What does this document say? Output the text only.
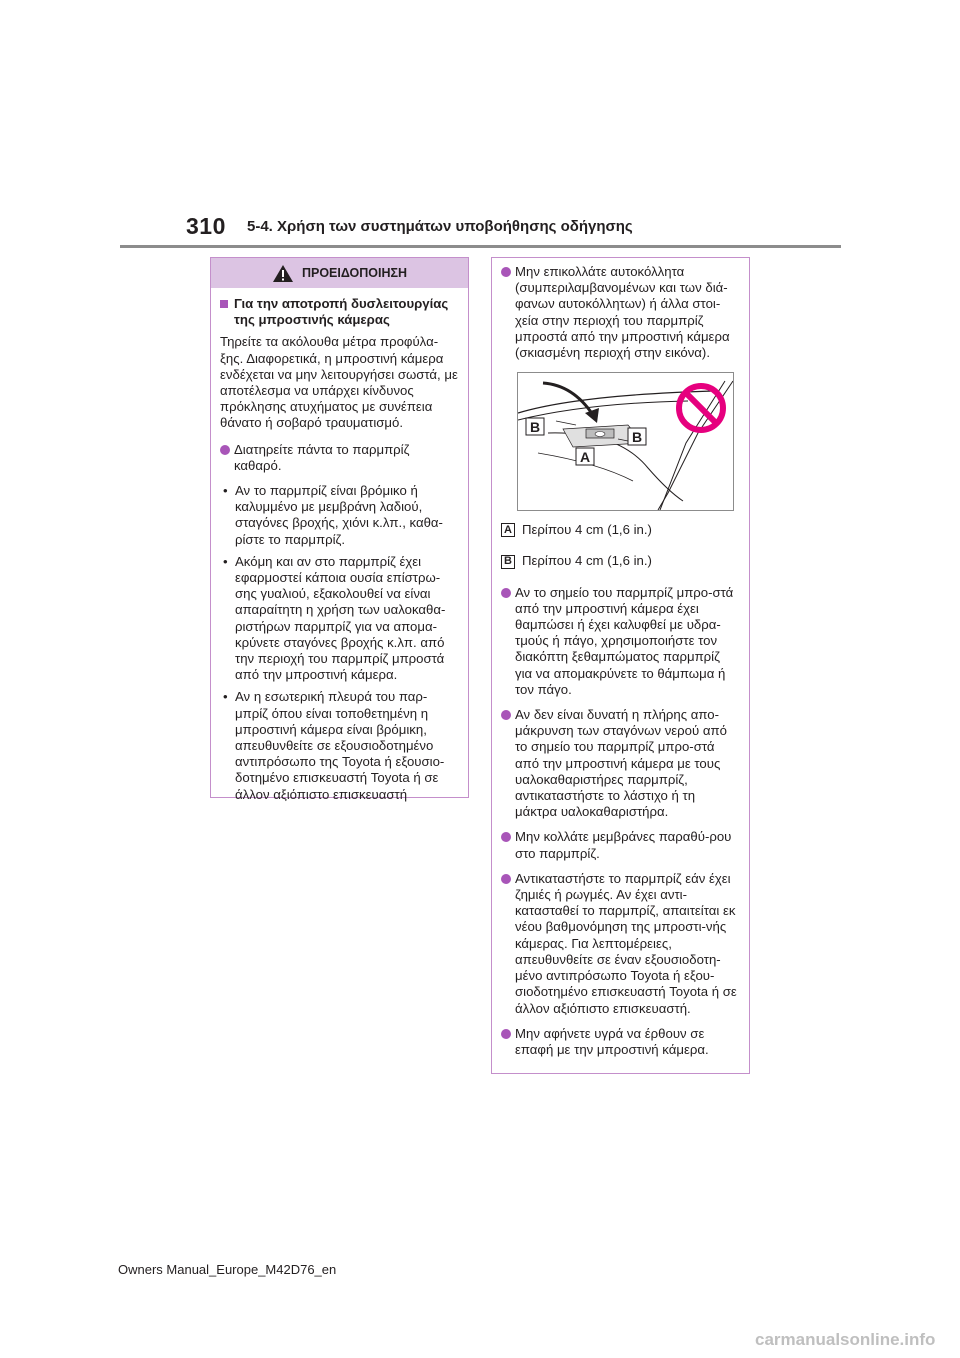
310 5-4. Χρήση των συστημάτων υποβοήθησης οδήγησης
ΠΡΟΕΙΔΟΠΟΙΗΣΗ
Για την αποτροπή δυσλειτουργίας της μπροστινής κάμερας

Τηρείτε τα ακόλουθα μέτρα προφύλα-ξης. Διαφορετικά, η μπροστινή κάμερα ενδέχεται να μην λειτουργήσει σωστά, με αποτέλεσμα να υπάρχει κίνδυνος πρόκλησης ατυχήματος με συνέπεια θάνατο ή σοβαρό τραυματισμό.

Διατηρείτε πάντα το παρμπρίζ καθαρό.
• Αν το παρμπρίζ είναι βρόμικο ή καλυμμένο με μεμβράνη λαδιού, σταγόνες βροχής, χιόνι κ.λπ., καθα-ρίστε το παρμπρίζ.
• Ακόμη και αν στο παρμπρίζ έχει εφαρμοστεί κάποια ουσία επίστρω-σης γυαλιού, εξακολουθεί να είναι απαραίτητη η χρήση των υαλοκαθα-ριστήρων παρμπρίζ για να απομα-κρύνετε σταγόνες βροχής κ.λπ. από την περιοχή του παρμπρίζ μπροστά από την μπροστινή κάμερα.
• Αν η εσωτερική πλευρά του παρ-μπρίζ όπου είναι τοποθετημένη η μπροστινή κάμερα είναι βρόμικη, απευθυνθείτε σε εξουσιοδοτημένο αντιπρόσωπο της Toyota ή εξουσιο-δοτημένο επισκευαστή Toyota ή σε άλλον αξιόπιστο επισκευαστή
Μην επικολλάτε αυτοκόλλητα (συμπεριλαμβανομένων και των διά-φανων αυτοκόλλητων) ή άλλα στοι-χεία στην περιοχή του παρμπρίζ μπροστά από την μπροστινή κάμερα (σκιασμένη περιοχή στην εικόνα).
B
B
A
A Περίπου 4 cm (1,6 in.)
B Περίπου 4 cm (1,6 in.)
Αν το σημείο του παρμπρίζ μπρο-στά από την μπροστινή κάμερα έχει θαμπώσει ή έχει καλυφθεί με υδρα-τμούς ή πάγο, χρησιμοποιήστε τον διακόπτη ξεθαμπώματος παρμπρίζ για να απομακρύνετε το θάμπωμα ή τον πάγο.
Αν δεν είναι δυνατή η πλήρης απο-μάκρυνση των σταγόνων νερού από το σημείο του παρμπρίζ μπρο-στά από την μπροστινή κάμερα με τους υαλοκαθαριστήρες παρμπρίζ, αντικαταστήστε το λάστιχο ή τη μάκτρα υαλοκαθαριστήρα.
Μην κολλάτε μεμβράνες παραθύ-ρου στο παρμπρίζ.
Αντικαταστήστε το παρμπρίζ εάν έχει ζημιές ή ρωγμές. Αν έχει αντι-κατασταθεί το παρμπρίζ, απαιτείται εκ νέου βαθμονόμηση της μπροστι-νής κάμερας. Για λεπτομέρειες, απευθυνθείτε σε έναν εξουσιοδοτη-μένο αντιπρόσωπο Toyota ή εξου-σιοδοτημένο επισκευαστή Toyota ή σε άλλον αξιόπιστο επισκευαστή.
Μην αφήνετε υγρά να έρθουν σε επαφή με την μπροστινή κάμερα.
Owners Manual_Europe_M42D76_en
carmanualsonline.info
